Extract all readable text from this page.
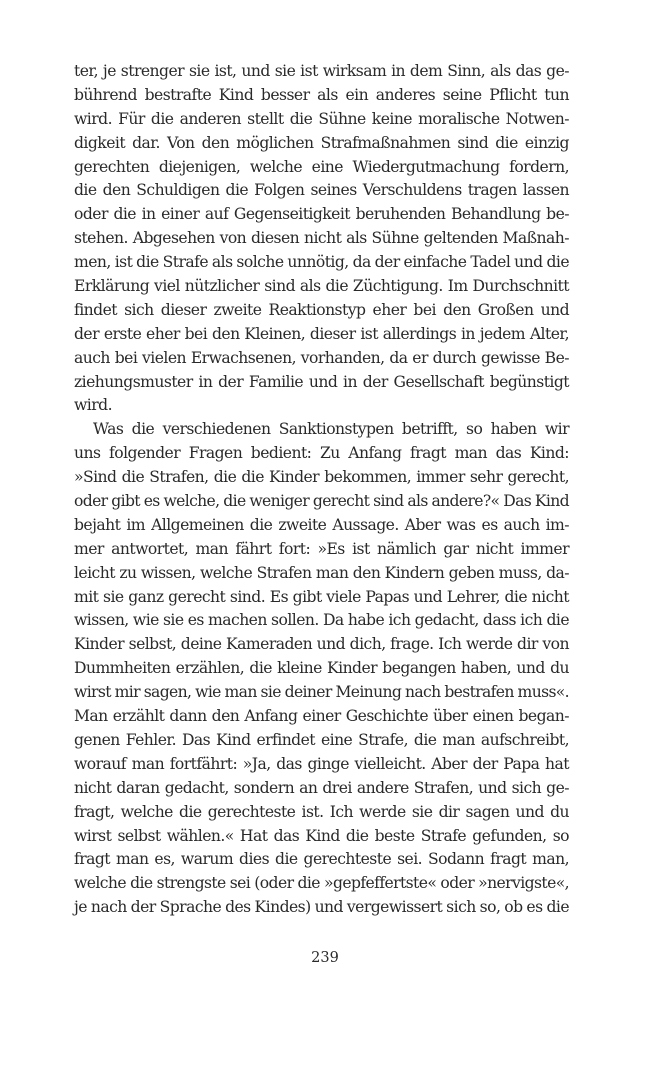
ter, je strenger sie ist, und sie ist wirksam in dem Sinn, als das ge-
bührend bestrafte Kind besser als ein anderes seine Pflicht tun
wird. Für die anderen stellt die Sühne keine moralische Notwen-
digkeit dar. Von den möglichen Strafmaßnahmen sind die einzig
gerechten diejenigen, welche eine Wiedergutmachung fordern,
die den Schuldigen die Folgen seines Verschuldens tragen lassen
oder die in einer auf Gegenseitigkeit beruhenden Behandlung be-
stehen. Abgesehen von diesen nicht als Sühne geltenden Maßnah-
men, ist die Strafe als solche unnötig, da der einfache Tadel und die
Erklärung viel nützlicher sind als die Züchtigung. Im Durchschnitt
findet sich dieser zweite Reaktionstyp eher bei den Großen und
der erste eher bei den Kleinen, dieser ist allerdings in jedem Alter,
auch bei vielen Erwachsenen, vorhanden, da er durch gewisse Be-
ziehungsmuster in der Familie und in der Gesellschaft begünstigt
wird.
Was die verschiedenen Sanktionstypen betrifft, so haben wir
uns folgender Fragen bedient: Zu Anfang fragt man das Kind:
»Sind die Strafen, die die Kinder bekommen, immer sehr gerecht,
oder gibt es welche, die weniger gerecht sind als andere?« Das Kind
bejaht im Allgemeinen die zweite Aussage. Aber was es auch im-
mer antwortet, man fährt fort: »Es ist nämlich gar nicht immer
leicht zu wissen, welche Strafen man den Kindern geben muss, da-
mit sie ganz gerecht sind. Es gibt viele Papas und Lehrer, die nicht
wissen, wie sie es machen sollen. Da habe ich gedacht, dass ich die
Kinder selbst, deine Kameraden und dich, frage. Ich werde dir von
Dummheiten erzählen, die kleine Kinder begangen haben, und du
wirst mir sagen, wie man sie deiner Meinung nach bestrafen muss«.
Man erzählt dann den Anfang einer Geschichte über einen began-
genen Fehler. Das Kind erfindet eine Strafe, die man aufschreibt,
worauf man fortfährt: »Ja, das ginge vielleicht. Aber der Papa hat
nicht daran gedacht, sondern an drei andere Strafen, und sich ge-
fragt, welche die gerechteste ist. Ich werde sie dir sagen und du
wirst selbst wählen.« Hat das Kind die beste Strafe gefunden, so
fragt man es, warum dies die gerechteste sei. Sodann fragt man,
welche die strengste sei (oder die »gepfeffertste« oder »nervigste«,
je nach der Sprache des Kindes) und vergewissert sich so, ob es die
239
